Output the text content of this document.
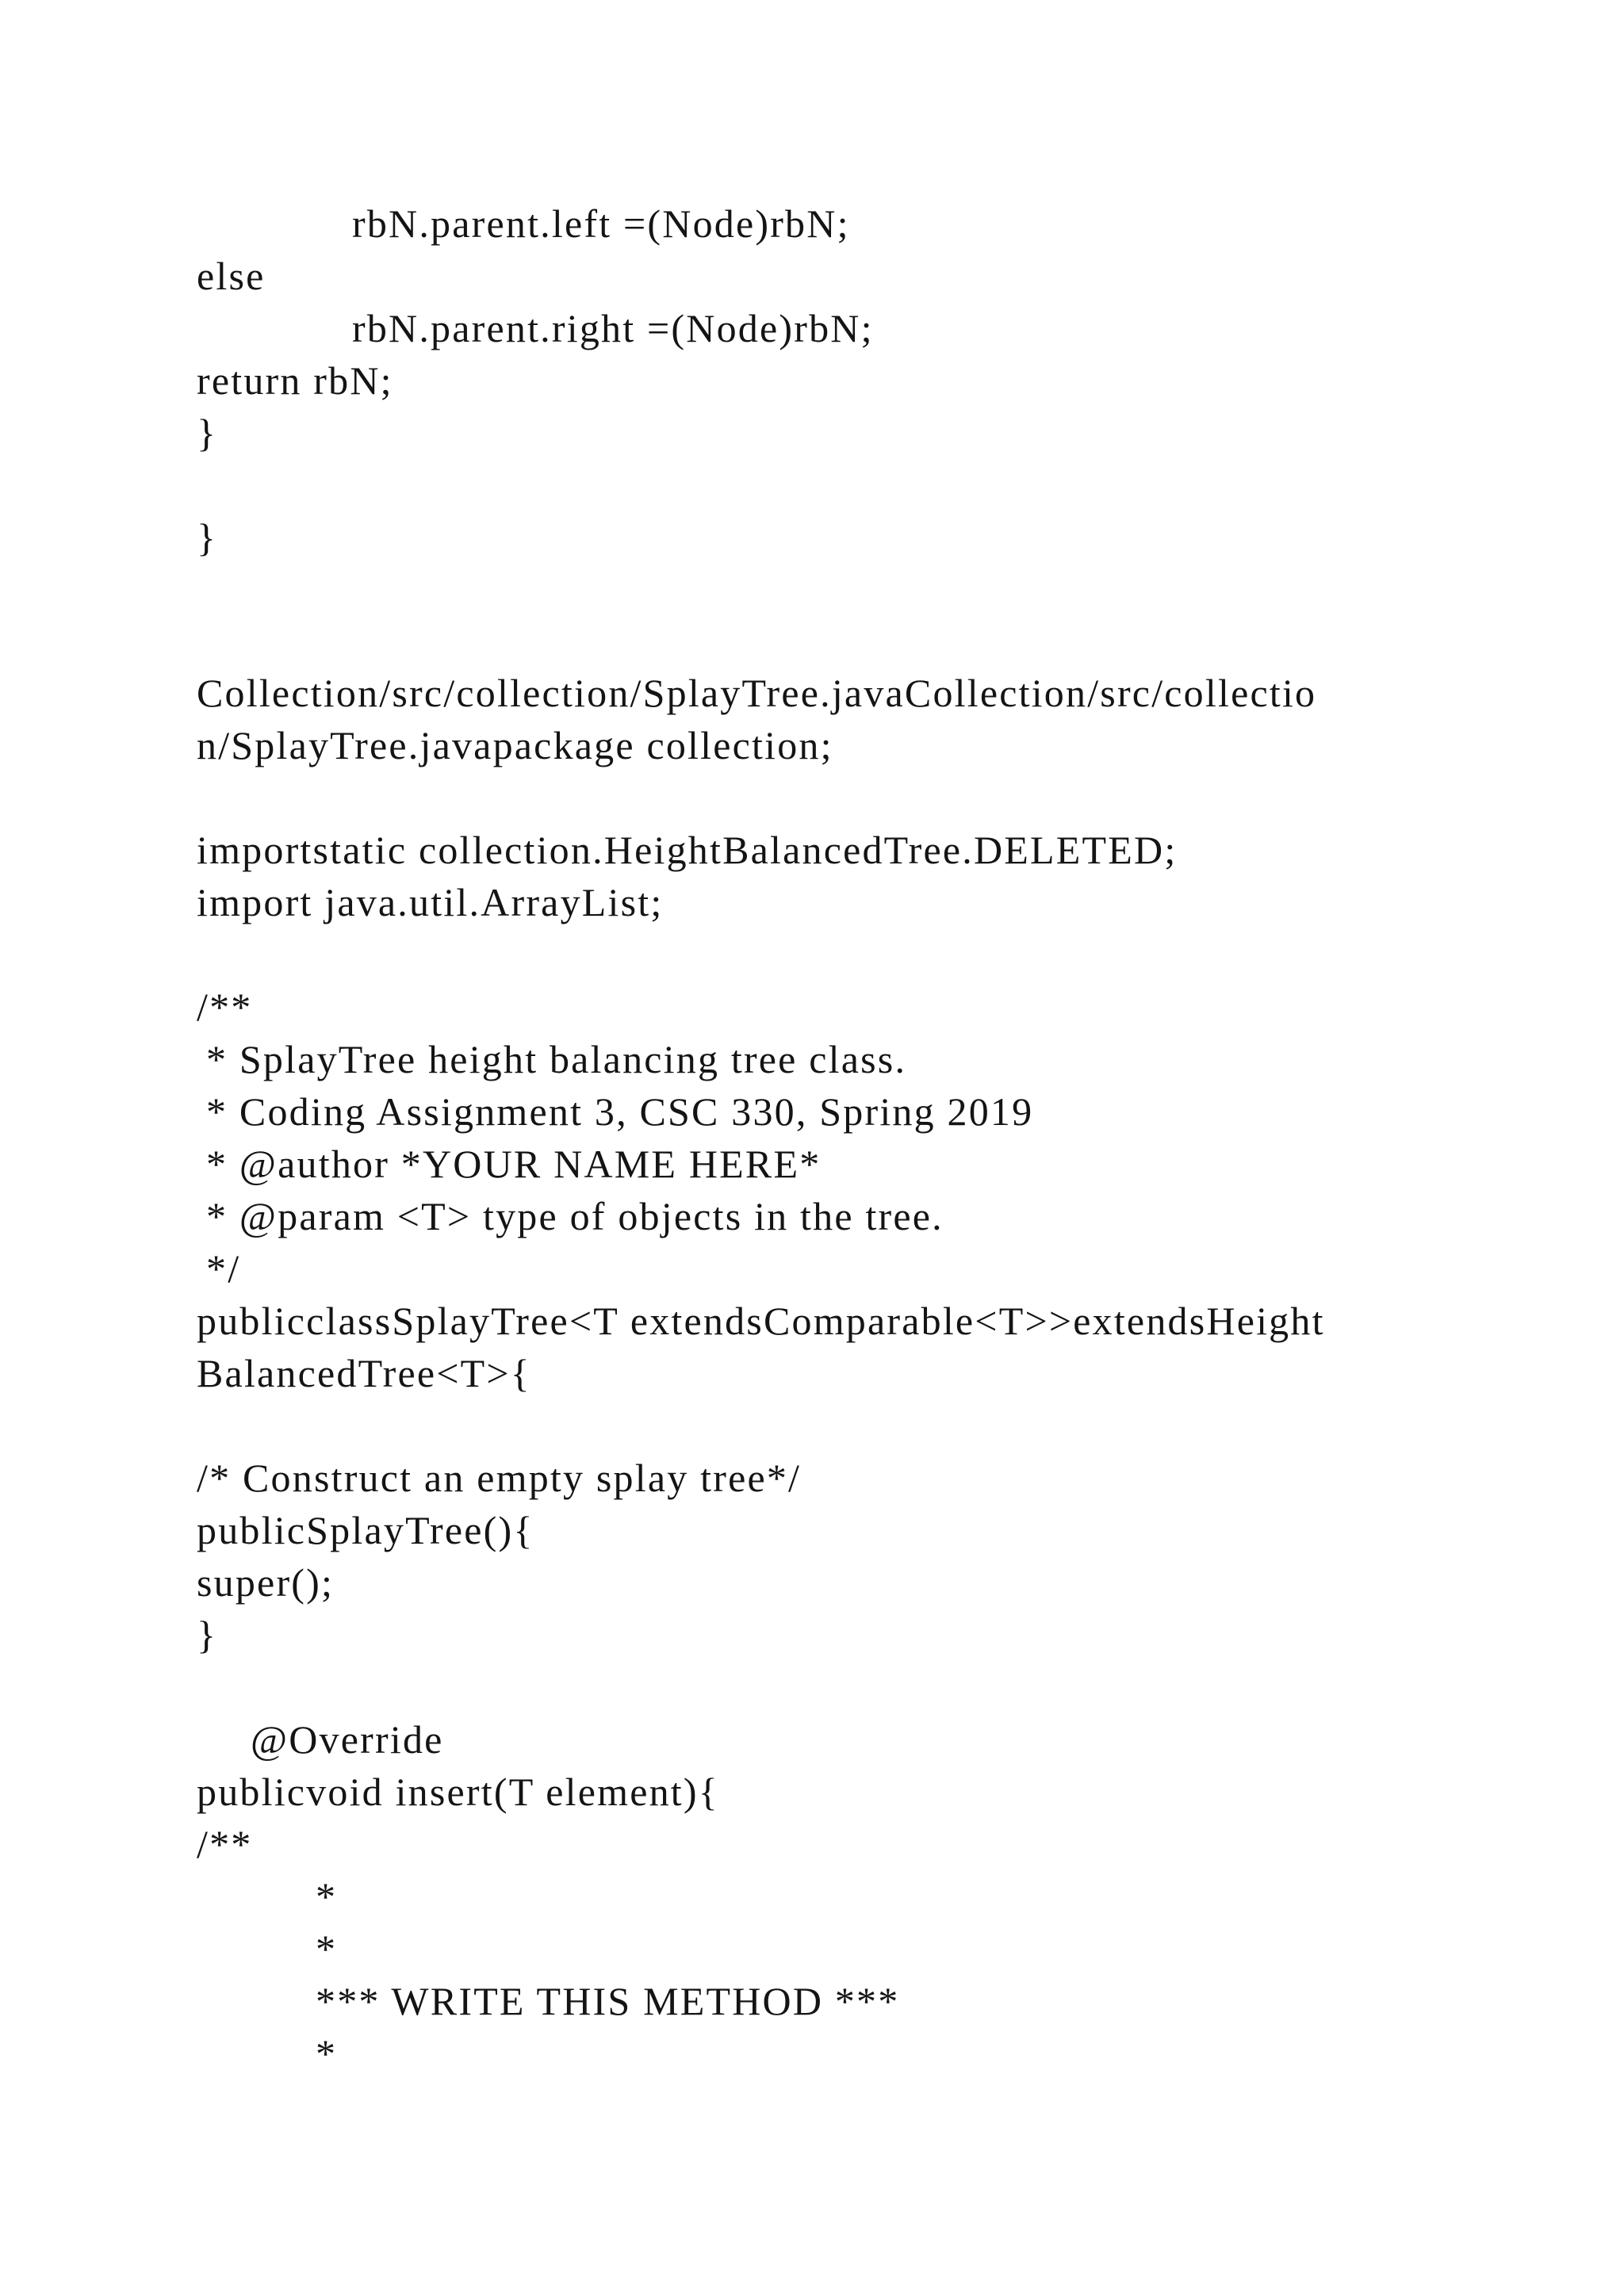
rbN.parent.left =(Node)rbN;

else

rbN.parent.right =(Node)rbN;

return rbN;

}

}

Collection/src/collection/SplayTree.javaCollection/src/collectio

n/SplayTree.javapackage collection;

importstatic collection.HeightBalancedTree.DELETED;

import java.util.ArrayList;

/**

* SplayTree height balancing tree class.

* Coding Assignment 3, CSC 330, Spring 2019

* @author *YOUR NAME HERE*

* @param <T> type of objects in the tree.

*/

publicclassSplayTree<T extendsComparable<T>>extendsHeight

BalancedTree<T>{

/* Construct an empty splay tree*/

publicSplayTree(){

super();

}

@Override

publicvoid insert(T element){

/**

*

*

*** WRITE THIS METHOD ***

*
